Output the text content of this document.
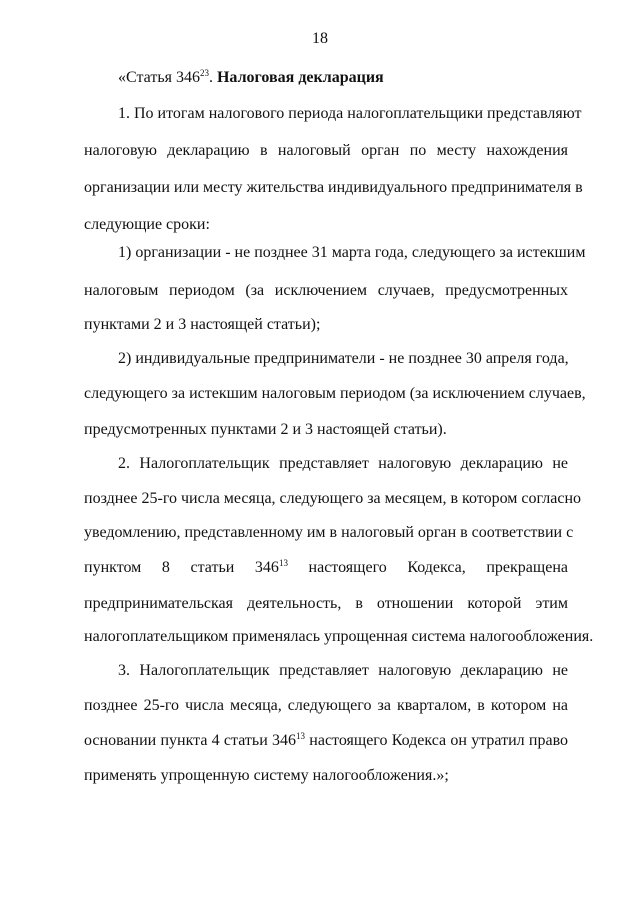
18
«Статья $346^{23}$. Налоговая декларация
1. По итогам налогового периода налогоплательщики представляют
налоговую декларацию в налоговый орган по месту нахождения
организации или месту жительства индивидуального предпринимателя в
следующие сроки:
1) организации - не позднее 31 марта года, следующего за истекшим
налоговым периодом (за исключением случаев, предусмотренных
пунктами 2 и 3 настоящей статьи);
2) индивидуальные предприниматели - не позднее 30 апреля года,
следующего за истекшим налоговым периодом (за исключением случаев,
предусмотренных пунктами 2 и 3 настоящей статьи).
2. Налогоплательщик представляет налоговую декларацию не
позднее 25-го числа месяца, следующего за месяцем, в котором согласно
уведомлению, представленному им в налоговый орган в соответствии с
пунктом 8 статьи $346^{13}$ настоящего Кодекса, прекращена
предпринимательская деятельность, в отношении которой этим
налогоплательщиком применялась упрощенная система налогообложения.
3. Налогоплательщик представляет налоговую декларацию не
позднее 25-го числа месяца, следующего за кварталом, в котором на
основании пункта 4 статьи $346^{13}$ настоящего Кодекса он утратил право
применять упрощенную систему налогообложения.»;
